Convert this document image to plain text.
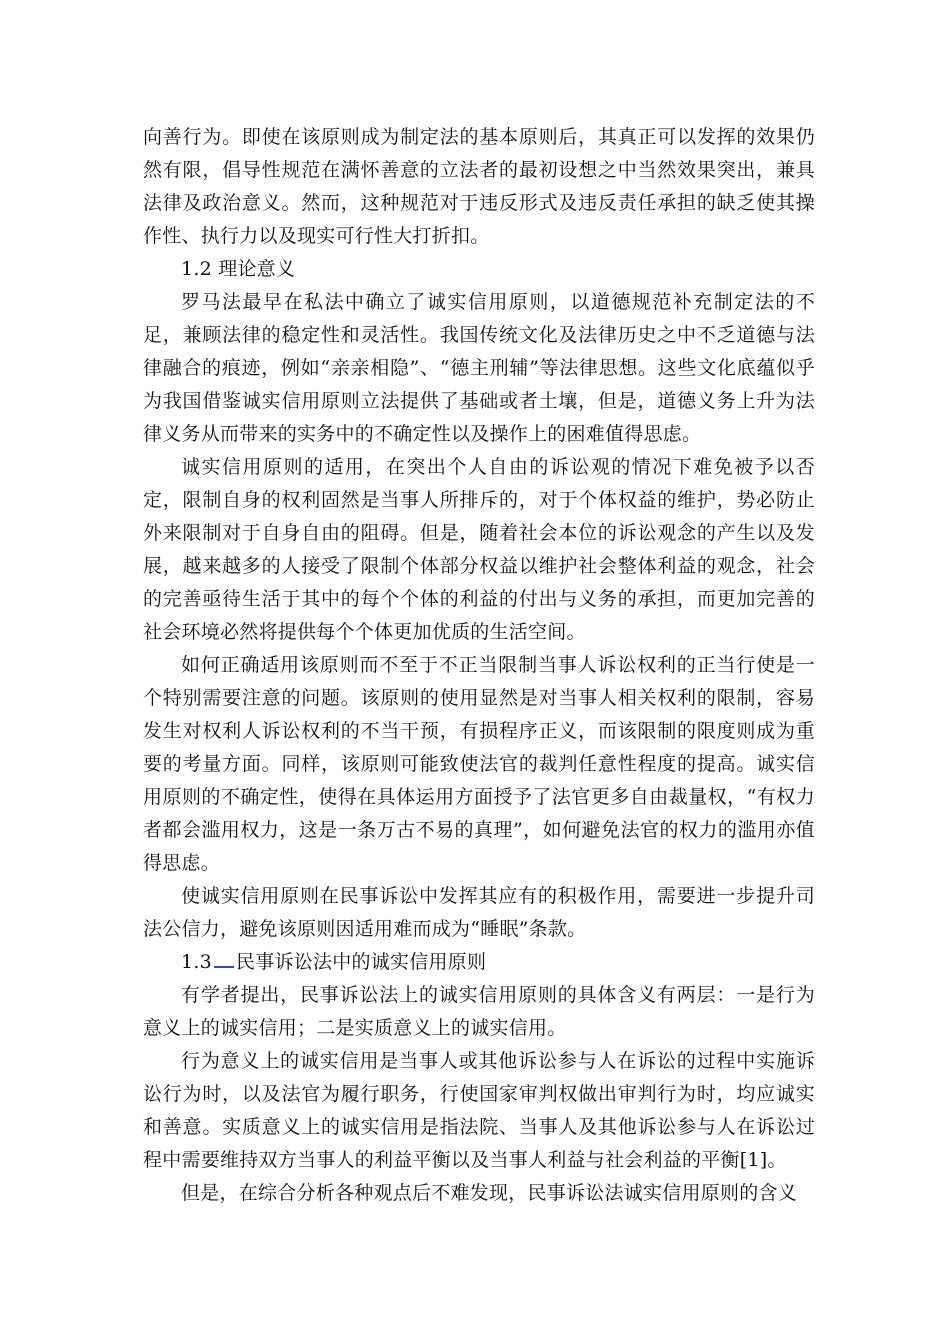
向善行为。即使在该原则成为制定法的基本原则后，其真正可以发挥的效果仍然有限，倡导性规范在满怀善意的立法者的最初设想之中当然效果突出，兼具法律及政治意义。然而，这种规范对于违反形式及违反责任承担的缺乏使其操作性、执行力以及现实可行性大打折扣。

1.2 理论意义

罗马法最早在私法中确立了诚实信用原则，以道德规范补充制定法的不足，兼顾法律的稳定性和灵活性。我国传统文化及法律历史之中不乏道德与法律融合的痕迹，例如“亲亲相隐”、“德主刑辅”等法律思想。这些文化底蕴似乎为我国借鉴诚实信用原则立法提供了基础或者土壤，但是，道德义务上升为法律义务从而带来的实务中的不确定性以及操作上的困难值得思虑。

诚实信用原则的适用，在突出个人自由的诉讼观的情况下难免被予以否定，限制自身的权利固然是当事人所排斥的，对于个体权益的维护，势必防止外来限制对于自身自由的阻碍。但是，随着社会本位的诉讼观念的产生以及发展，越来越多的人接受了限制个体部分权益以维护社会整体利益的观念，社会的完善亟待生活于其中的每个个体的利益的付出与义务的承担，而更加完善的社会环境必然将提供每个个体更加优质的生活空间。

如何正确适用该原则而不至于不正当限制当事人诉讼权利的正当行使是一个特别需要注意的问题。该原则的使用显然是对当事人相关权利的限制，容易发生对权利人诉讼权利的不当干预，有损程序正义，而该限制的限度则成为重要的考量方面。同样，该原则可能致使法官的裁判任意性程度的提高。诚实信用原则的不确定性，使得在具体运用方面授予了法官更多自由裁量权，“有权力者都会滥用权力，这是一条万古不易的真理”，如何避免法官的权力的滥用亦值得思虑。

使诚实信用原则在民事诉讼中发挥其应有的积极作用，需要进一步提升司法公信力，避免该原则因适用难而成为“睡眠”条款。

1.3 民事诉讼法中的诚实信用原则

有学者提出，民事诉讼法上的诚实信用原则的具体含义有两层：一是行为意义上的诚实信用；二是实质意义上的诚实信用。

行为意义上的诚实信用是当事人或其他诉讼参与人在诉讼的过程中实施诉讼行为时，以及法官为履行职务，行使国家审判权做出审判行为时，均应诚实和善意。实质意义上的诚实信用是指法院、当事人及其他诉讼参与人在诉讼过程中需要维持双方当事人的利益平衡以及当事人利益与社会利益的平衡[1]。

但是，在综合分析各种观点后不难发现，民事诉讼法诚实信用原则的含义
